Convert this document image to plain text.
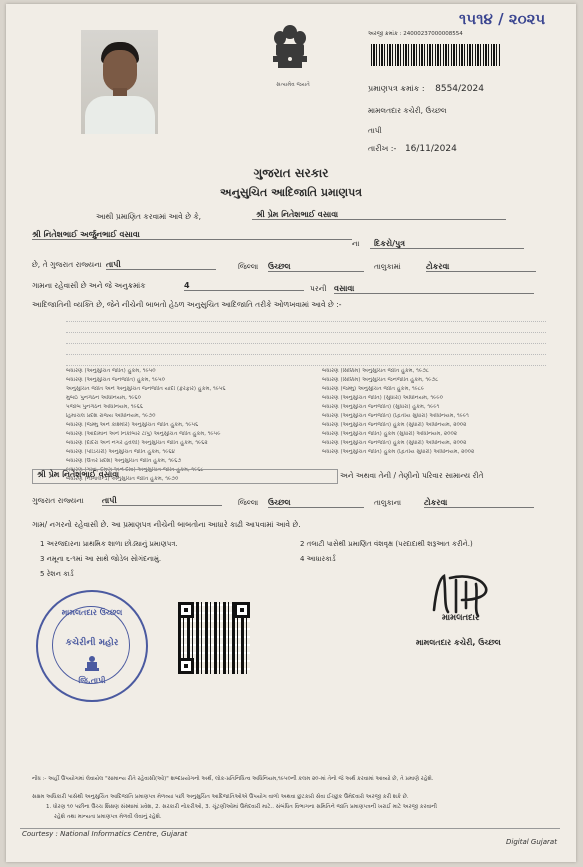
સત્યમેવ જયતે
૧૫૧૪ / ૨૦૨૫
અરજી ક્રમાંક : 24000237000008554
પ્રમાણપત્ર ક્રમાંક : 8554/2024
મામલતદાર કચેરી, ઉચ્છલ
તાપી
તારીખ :- 16/11/2024
ગુજરાત સરકાર
અનુસુચિત આદિજાતિ પ્રમાણપત્ર
આથી પ્રમાણિત કરવામાં આવે છે કે,	શ્રી પ્રેમ નિતેશભાઈ વસાવા
શ્રી નિતેશભાઈ અર્જુનભાઈ વસાવા
ના	દિકરો/પુત્ર
છે, તે ગુજરાત રાજ્યના તાપી	જિલ્લા ઉચ્છલ	તાલુકામાં	ટોકરવા
ગામના રહેવાસી છે અને જે અનુક્રમાંક	4	પરની વસાવા
આદિજાતિની વ્યક્તિ છે, જેને નીચેની બાબતો હેઠળ અનુસુચિત આદિજાતિ તરીકે ઓળખવામાં આવે છે :-
બંધારણ (અનુસુચિત જાતિ) હુકમ, ૧૯૫૦
બંધારણ (અનુસુચિત જનજાતિ) હુકમ, ૧૯૫૦
અનુસુચિત જાતિ અને અનુસુચિત જનજાતિ યાદી (ફેરફાર) હુકમ, ૧૯૫૬
મુંબઈ પુનર્ગઠન અધિનિયમ, ૧૯૬૦
પંજાબ પુનર્ગઠન અધિનિયમ, ૧૯૬૬
હિમાચલ પ્રદેશ રાજ્ય અધિનિયમ, ૧૯૭૦
બંધારણ (જમ્મુ અને કાશ્મીર) અનુસુચિત જાતિ હુકમ, ૧૯૫૬
બંધારણ (આંદામાન અને નિકોબાર ટાપુ) અનુસુચિત જાતિ હુકમ, ૧૯૫૯
બંધારણ (દાદરા અને નગર હવેલી) અનુસુચિત જાતિ હુકમ, ૧૯૬૨
બંધારણ (પોંડિચેરી) અનુસુચિત જાતિ હુકમ, ૧૯૬૪
બંધારણ (ઉત્તર પ્રદેશ) અનુસુચિત જાતિ હુકમ, ૧૯૬૭
બંધારણ (ગોવા, દમણ અને દીવ) અનુસુચિત જાતિ હુકમ, ૧૯૬૮
બંધારણ (નાગાલેન્ડ) અનુસુચિત જાતિ હુકમ, ૧૯૭૦
બંધારણ (સિક્કિમ) અનુસુચિત જાતિ હુકમ, ૧૯૭૮
બંધારણ (સિક્કિમ) અનુસુચિત જનજાતિ હુકમ, ૧૯૭૮
બંધારણ (જમ્મુ) અનુસુચિત જાતિ હુકમ, ૧૯૮૯
બંધારણ (અનુસુચિત જાતિ) (સુધારા) અધિનિયમ, ૧૯૯૦
બંધારણ (અનુસુચિત જનજાતિ) (સુધારા) હુકમ, ૧૯૯૧
બંધારણ (અનુસુચિત જનજાતિ) (દ્વિતીય સુધારા) અધિનિયમ, ૧૯૯૧
બંધારણ (અનુસુચિત જનજાતિ) હુકમ (સુધારો) અધિનિયમ, ૨૦૦૨
બંધારણ (અનુસુચિત જાતિ) હુકમ (સુધારો) અધિનિયમ, ૨૦૦૨
બંધારણ (અનુસુચિત જનજાતિ) હુકમ (સુધારો) અધિનિયમ, ૨૦૦૨
બંધારણ (અનુસુચિત જાતિ) હુકમ (દ્વિતીય સુધારો) અધિનિયમ, ૨૦૦૨
શ્રી પ્રેમ નિતેશભાઈ વસાવા	અને અથવા તેની / તેણીનો પરિવાર સામાન્ય રીતે
ગુજરાત રાજ્યના તાપી	જિલ્લા ઉચ્છલ	તાલુકાના	ટોકરવા
ગામ/ નગરનો રહેવાસી છે. આ પ્રમાણપત્ર નીચેની બાબતોના આધારે કાઢી આપવામાં આવે છે.
1 અરજદારના પ્રાથમિક શાળા છોડ્યાનું પ્રમાણપત્ર.	2 તલાટી પાસેથી પ્રમાણિત વંશવૃક્ષ (પરદાદાથી શરૂઆત કરીને.)
3 નમૂના ૬-૧માં આ સાથે જોડેલ સોગંદનામું.	4 આધારકાર્ડ
5 રેશન કાર્ડ
મામલતદાર ઉચ્છલ
કચેરીની મહોર
જિ.તાપી
મામલતદાર
મામલતદાર કચેરી, ઉચ્છલ
નોંધ :- અહીં ઉપયોગમાં લેવાયેલ "સામાન્ય રીતે રહેવાસી(ઓ)" શબ્દપ્રયોગનો અર્થ, લોક-પ્રતિનિધિત્વ અધિનિયમ,૧૯૫૦ની કલમ ૨૦-માં તેનો જે અર્થ કરવામાં આવ્યો છે, તે પ્રમાણે રહેશે.
સક્ષમ અધિકારી પાસેથી અનુસુચિત આદિજાતિ પ્રમાણપત્ર મેળવ્યા પછી અનુસુચિત આદિજાતિઓએ ઉપયોગ વાળો અથવા છુટકારો સેવા ઈચ્છુક ઉમેદવારો અરજી કરી શકે છે.
1. ધોરણ ૧૦ પછીના ઉચ્ચ શિક્ષણ સંસ્થામાં પ્રવેશ, 2. સરકારી નોકરીઓ, 3. ચૂંટણીઓમાં ઉમેદવારી માટે.. સંબંધિત વિભાગના સમિતિને જાતિ પ્રમાણપત્રની ખરાઈ માટે અરજી કરવાની
રહેશે તથા માન્યતા પ્રમાણપત્ર મેળવી લેવાનું રહેશે.
Courtesy : National Informatics Centre, Gujarat
Digital Gujarat
